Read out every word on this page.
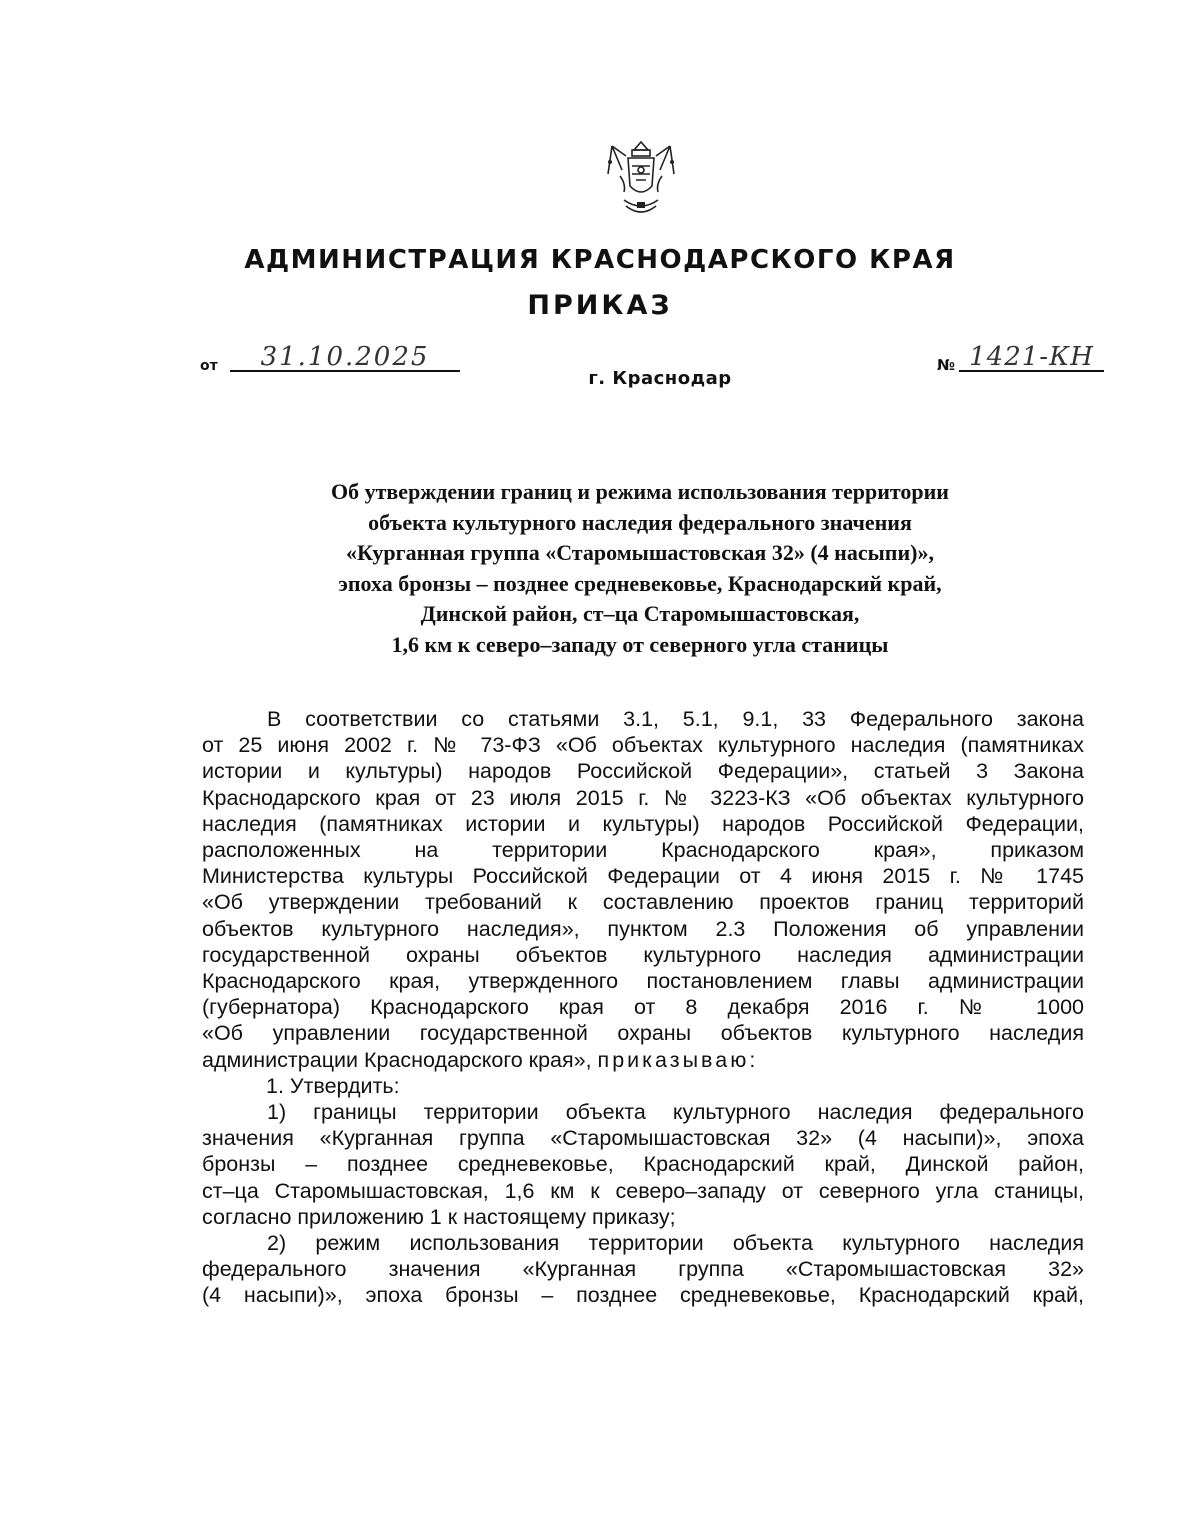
АДМИНИСТРАЦИЯ КРАСНОДАРСКОГО КРАЯ
ПРИКАЗ
от	31.10.2025	№ 1421-КН
г. Краснодар
Об утверждении границ и режима использования территории
объекта культурного наследия федерального значения
«Курганная группа «Старомышастовская 32» (4 насыпи)»,
эпоха бронзы – позднее средневековье, Краснодарский край,
Динской район, ст–ца Старомышастовская,
1,6 км к северо–западу от северного угла станицы
В соответствии со статьями 3.1, 5.1, 9.1, 33 Федерального закона
от 25 июня 2002 г. № 73-ФЗ «Об объектах культурного наследия (памятниках
истории и культуры) народов Российской Федерации», статьей 3 Закона
Краснодарского края от 23 июля 2015 г. № 3223-КЗ «Об объектах культурного
наследия (памятниках истории и культуры) народов Российской Федерации,
расположенных на территории Краснодарского края», приказом
Министерства культуры Российской Федерации от 4 июня 2015 г. № 1745
«Об утверждении требований к составлению проектов границ территорий
объектов культурного наследия», пунктом 2.3 Положения об управлении
государственной охраны объектов культурного наследия администрации
Краснодарского края, утвержденного постановлением главы администрации
(губернатора) Краснодарского края от 8 декабря 2016 г. № 1000
«Об управлении государственной охраны объектов культурного наследия
администрации Краснодарского края», приказываю:
1. Утвердить:
1) границы территории объекта культурного наследия федерального
значения «Курганная группа «Старомышастовская 32» (4 насыпи)», эпоха
бронзы – позднее средневековье, Краснодарский край, Динской район,
ст–ца Старомышастовская, 1,6 км к северо–западу от северного угла станицы,
согласно приложению 1 к настоящему приказу;
2) режим использования территории объекта культурного наследия
федерального значения «Курганная группа «Старомышастовская 32»
(4 насыпи)», эпоха бронзы – позднее средневековье, Краснодарский край,
